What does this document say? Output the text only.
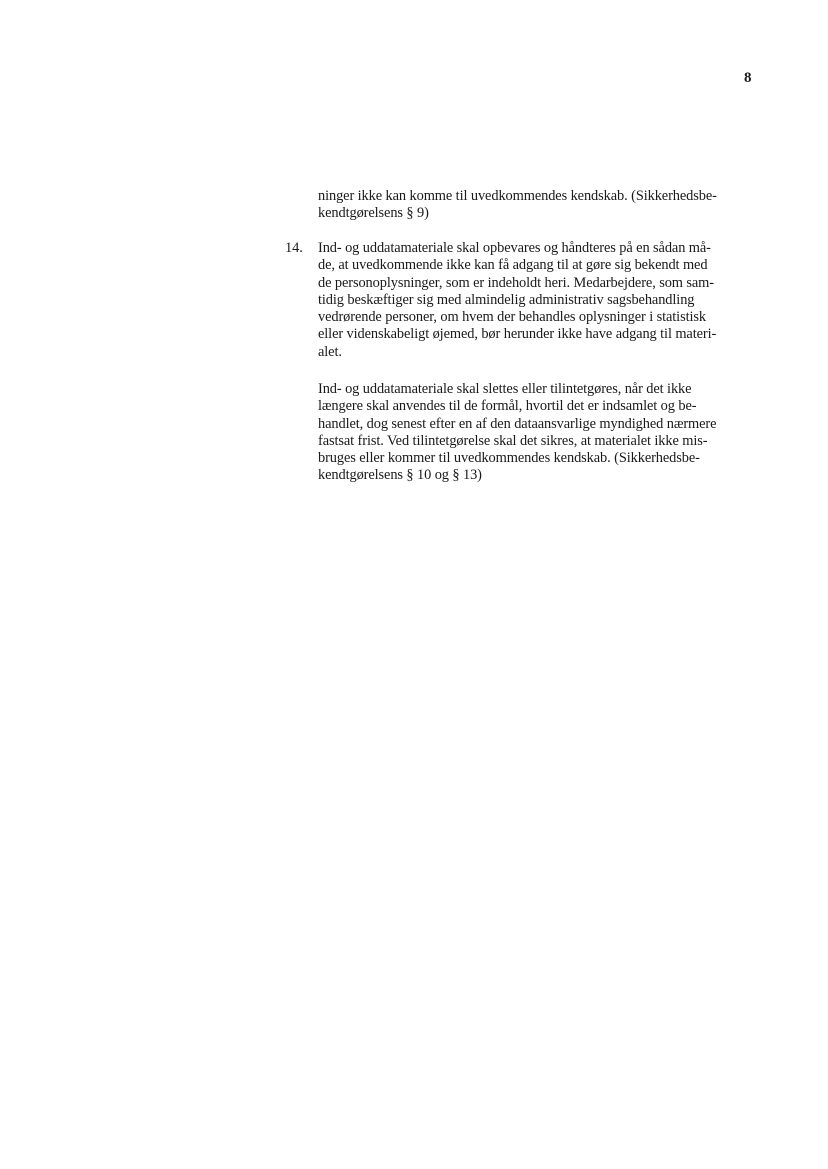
8
ninger ikke kan komme til uvedkommendes kendskab. (Sikkerhedsbe-
kendtgørelsens § 9)
14. Ind- og uddatamateriale skal opbevares og håndteres på en sådan må-
de, at uvedkommende ikke kan få adgang til at gøre sig bekendt med
de personoplysninger, som er indeholdt heri. Medarbejdere, som sam-
tidig beskæftiger sig med almindelig administrativ sagsbehandling
vedrørende personer, om hvem der behandles oplysninger i statistisk
eller videnskabeligt øjemed, bør herunder ikke have adgang til materi-
alet.
Ind- og uddatamateriale skal slettes eller tilintetgøres, når det ikke
længere skal anvendes til de formål, hvortil det er indsamlet og be-
handlet, dog senest efter en af den dataansvarlige myndighed nærmere
fastsat frist. Ved tilintetgørelse skal det sikres, at materialet ikke mis-
bruges eller kommer til uvedkommendes kendskab. (Sikkerhedsbe-
kendtgørelsens § 10 og § 13)
